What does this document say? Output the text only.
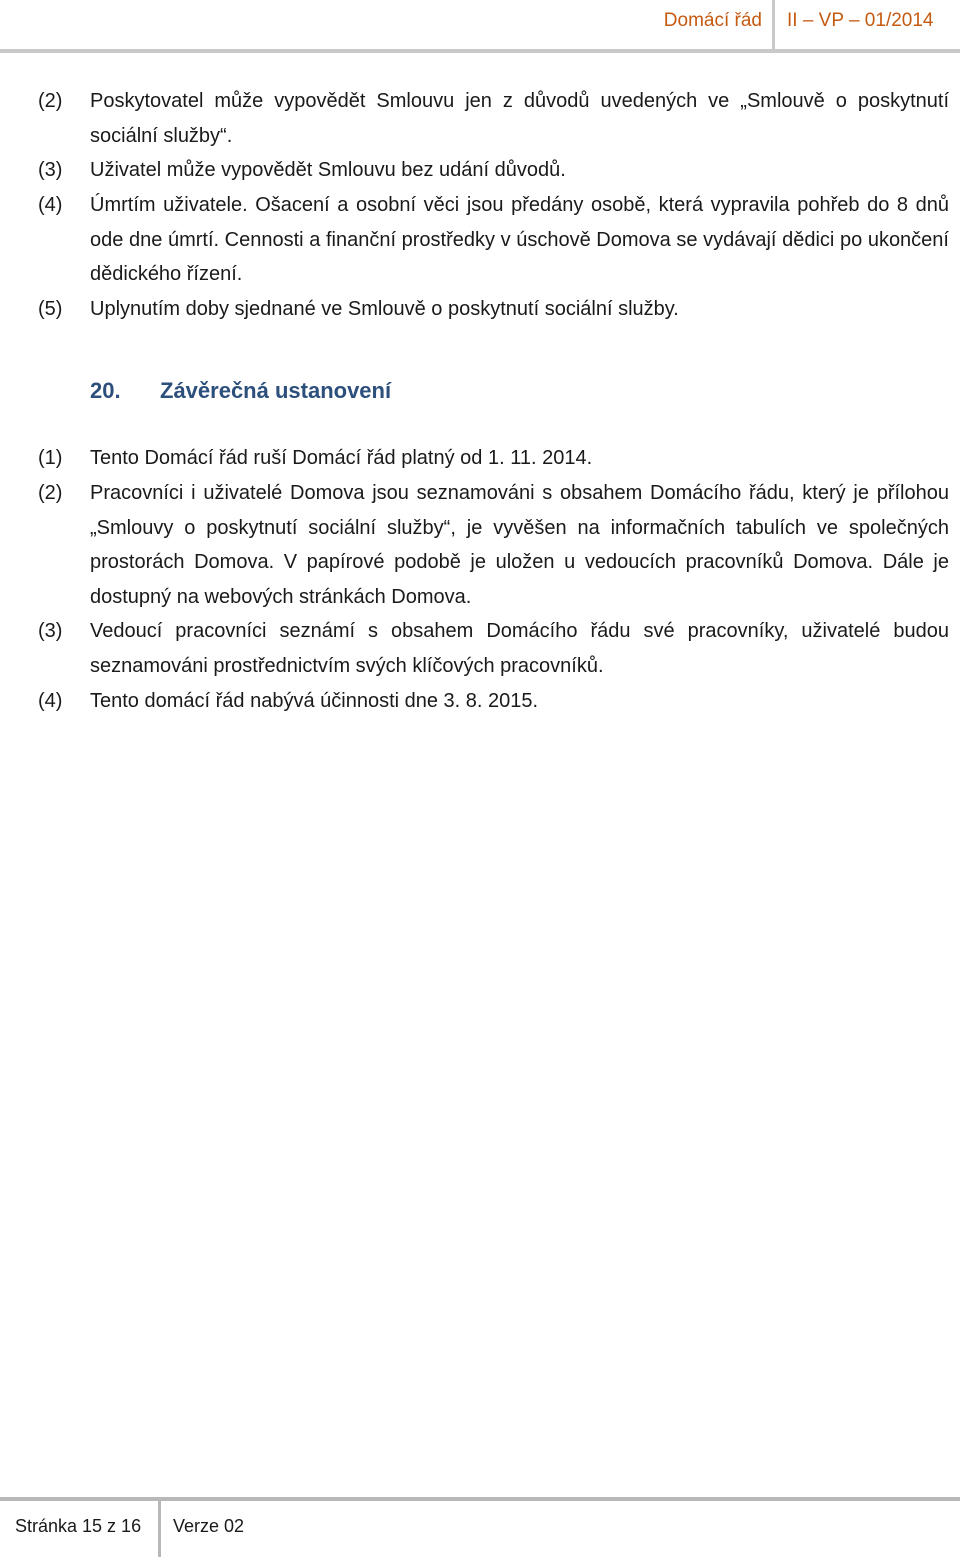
Domácí řád II – VP – 01/2014
(2)	Poskytovatel může vypovědět Smlouvu jen z důvodů uvedených ve „Smlouvě o poskytnutí sociální služby“.
(3)	Uživatel může vypovědět Smlouvu bez udání důvodů.
(4)	Úmrtím uživatele. Ošacení a osobní věci jsou předány osobě, která vypravila pohřeb do 8 dnů ode dne úmrtí. Cennosti a finanční prostředky v úschově Domova se vydávají dědici po ukončení dědického řízení.
(5)	Uplynutím doby sjednané ve Smlouvě o poskytnutí sociální služby.
20. Závěrečná ustanovení
(1)	Tento Domácí řád ruší Domácí řád platný od 1. 11. 2014.
(2)	Pracovníci i uživatelé Domova jsou seznamováni s obsahem Domácího řádu, který je přílohou „Smlouvy o poskytnutí sociální služby“, je vyvěšen na informačních tabulích ve společných prostorách Domova. V papírové podobě je uložen u vedoucích pracovníků Domova. Dále je dostupný na webových stránkách Domova.
(3)	Vedoucí pracovníci seznámí s obsahem Domácího řádu své pracovníky, uživatelé budou seznamováni prostřednictvím svých klíčových pracovníků.
(4)	Tento domácí řád nabývá účinnosti dne 3. 8. 2015.
Stránka 15 z 16 Verze 02
